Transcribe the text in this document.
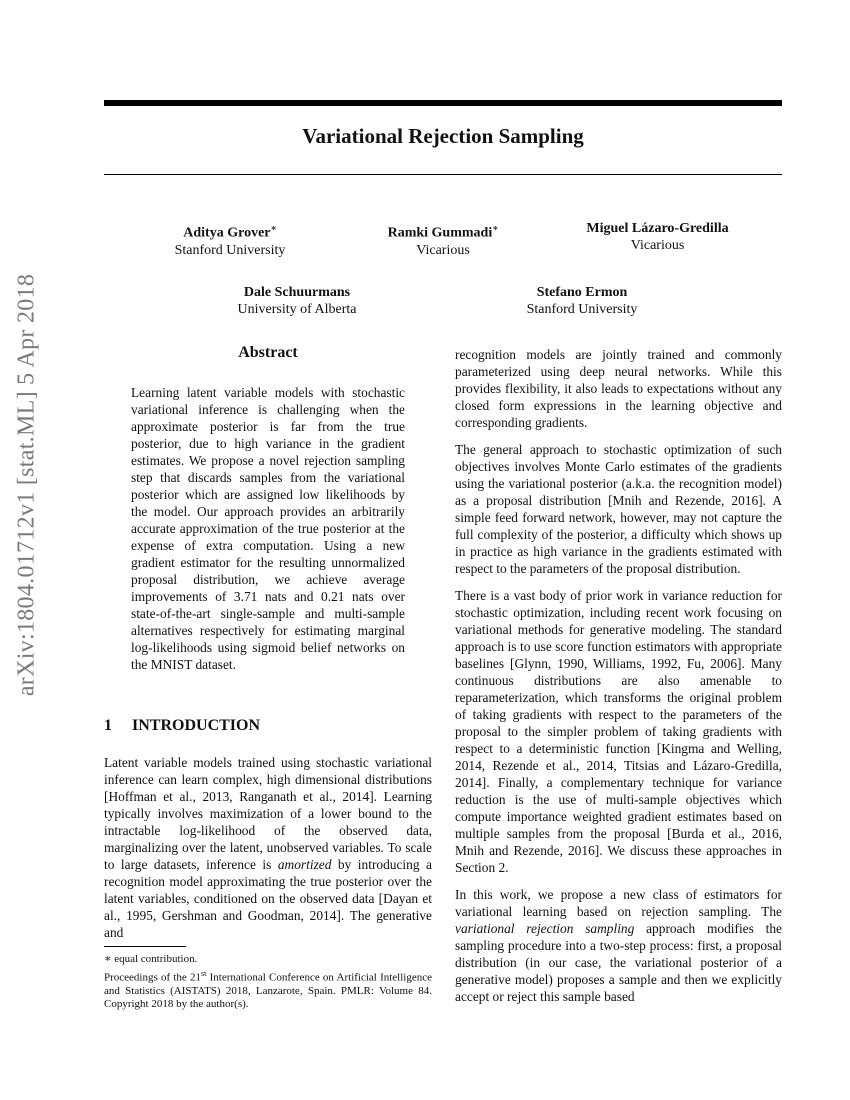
arXiv:1804.01712v1 [stat.ML] 5 Apr 2018
Variational Rejection Sampling
Aditya Grover∗
Stanford University
Ramki Gummadi∗
Vicarious
Miguel Lázaro-Gredilla
Vicarious
Dale Schuurmans
University of Alberta
Stefano Ermon
Stanford University
Abstract
Learning latent variable models with stochastic variational inference is challenging when the approximate posterior is far from the true posterior, due to high variance in the gradient estimates. We propose a novel rejection sampling step that discards samples from the variational posterior which are assigned low likelihoods by the model. Our approach provides an arbitrarily accurate approximation of the true posterior at the expense of extra computation. Using a new gradient estimator for the resulting unnormalized proposal distribution, we achieve average improvements of 3.71 nats and 0.21 nats over state-of-the-art single-sample and multi-sample alternatives respectively for estimating marginal log-likelihoods using sigmoid belief networks on the MNIST dataset.
1 INTRODUCTION

Latent variable models trained using stochastic variational inference can learn complex, high dimensional distributions [Hoffman et al., 2013, Ranganath et al., 2014]. Learning typically involves maximization of a lower bound to the intractable log-likelihood of the observed data, marginalizing over the latent, unobserved variables. To scale to large datasets, inference is amortized by introducing a recognition model approximating the true posterior over the latent variables, conditioned on the observed data [Dayan et al., 1995, Gershman and Goodman, 2014]. The generative and

∗ equal contribution.

Proceedings of the 21st International Conference on Artificial Intelligence and Statistics (AISTATS) 2018, Lanzarote, Spain. PMLR: Volume 84. Copyright 2018 by the author(s).

recognition models are jointly trained and commonly parameterized using deep neural networks. While this provides flexibility, it also leads to expectations without any closed form expressions in the learning objective and corresponding gradients.

The general approach to stochastic optimization of such objectives involves Monte Carlo estimates of the gradients using the variational posterior (a.k.a. the recognition model) as a proposal distribution [Mnih and Rezende, 2016]. A simple feed forward network, however, may not capture the full complexity of the posterior, a difficulty which shows up in practice as high variance in the gradients estimated with respect to the parameters of the proposal distribution.

There is a vast body of prior work in variance reduction for stochastic optimization, including recent work focusing on variational methods for generative modeling. The standard approach is to use score function estimators with appropriate baselines [Glynn, 1990, Williams, 1992, Fu, 2006]. Many continuous distributions are also amenable to reparameterization, which transforms the original problem of taking gradients with respect to the parameters of the proposal to the simpler problem of taking gradients with respect to a deterministic function [Kingma and Welling, 2014, Rezende et al., 2014, Titsias and Lázaro-Gredilla, 2014]. Finally, a complementary technique for variance reduction is the use of multi-sample objectives which compute importance weighted gradient estimates based on multiple samples from the proposal [Burda et al., 2016, Mnih and Rezende, 2016]. We discuss these approaches in Section 2.

In this work, we propose a new class of estimators for variational learning based on rejection sampling. The variational rejection sampling approach modifies the sampling procedure into a two-step process: first, a proposal distribution (in our case, the variational posterior of a generative model) proposes a sample and then we explicitly accept or reject this sample based
